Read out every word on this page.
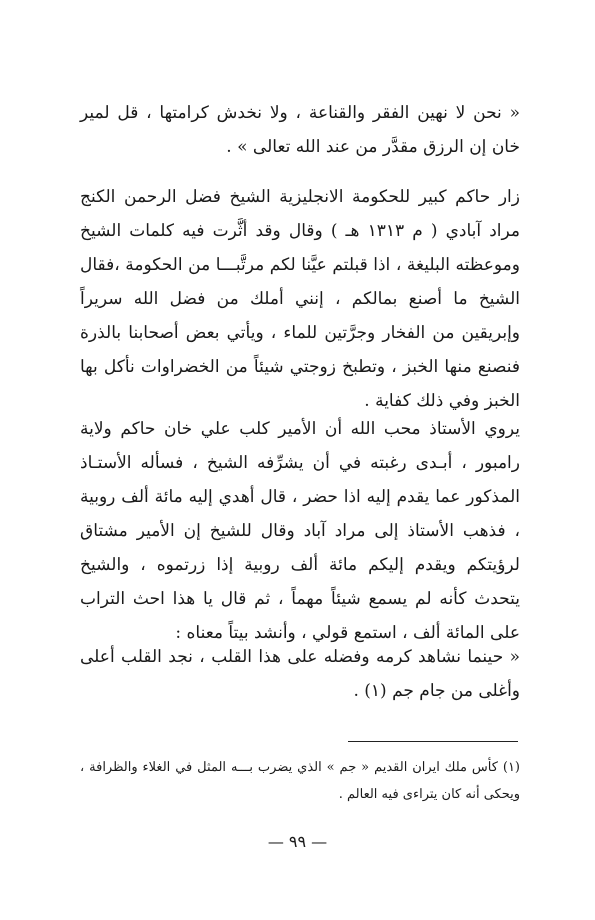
« نحن لا نهين الفقر والقناعة ، ولا نخدش كرامتها ، قل لمير خان إن الرزق مقدَّر من عند الله تعالى » .

زار حاكم كبير للحكومة الانجليزية الشيخ فضل الرحمن الكنج مراد آبادي ( م ١٣١٣ هـ ) وقال وقد أثَّرت فيه كلمات الشيخ وموعظته البليغة ، اذا قبلتم عيَّنا لكم مرتَّبـــا من الحكومة ،فقال الشيخ ما أصنع بمالكم ، إنني أملك من فضل الله سريراً وإبريقين من الفخار وجرَّتين للماء ، ويأتي بعض أصحابنا بالذرة فنصنع منها الخبز ، وتطبخ زوجتي شيئاً من الخضراوات نأكل بها الخبز وفي ذلك كفاية .

يروي الأستاذ محب الله أن الأمير كلب علي خان حاكم ولاية رامبور ، أبـدى رغبته في أن يشرِّفه الشيخ ، فسأله الأستـاذ المذكور عما يقدم إليه اذا حضر ، قال أهدي إليه مائة ألف روبية ، فذهب الأستاذ إلى مراد آباد وقال للشيخ إن الأمير مشتاق لرؤيتكم ويقدم إليكم مائة ألف روبية إذا زرتموه ، والشيخ يتحدث كأنه لم يسمع شيئاً مهماً ، ثم قال يا هذا احث التراب على المائة ألف ، استمع قولي ، وأنشد بيتاً معناه :

« حينما نشاهد كرمه وفضله على هذا القلب ، نجد القلب أعلى وأغلى من جام جم (١) .

(١) كأس ملك ايران القديم « جم » الذي يضرب بـــه المثل في الغلاء والظرافة ، ويحكى أنه كان يتراءى فيه العالم .

— ٩٩ —
